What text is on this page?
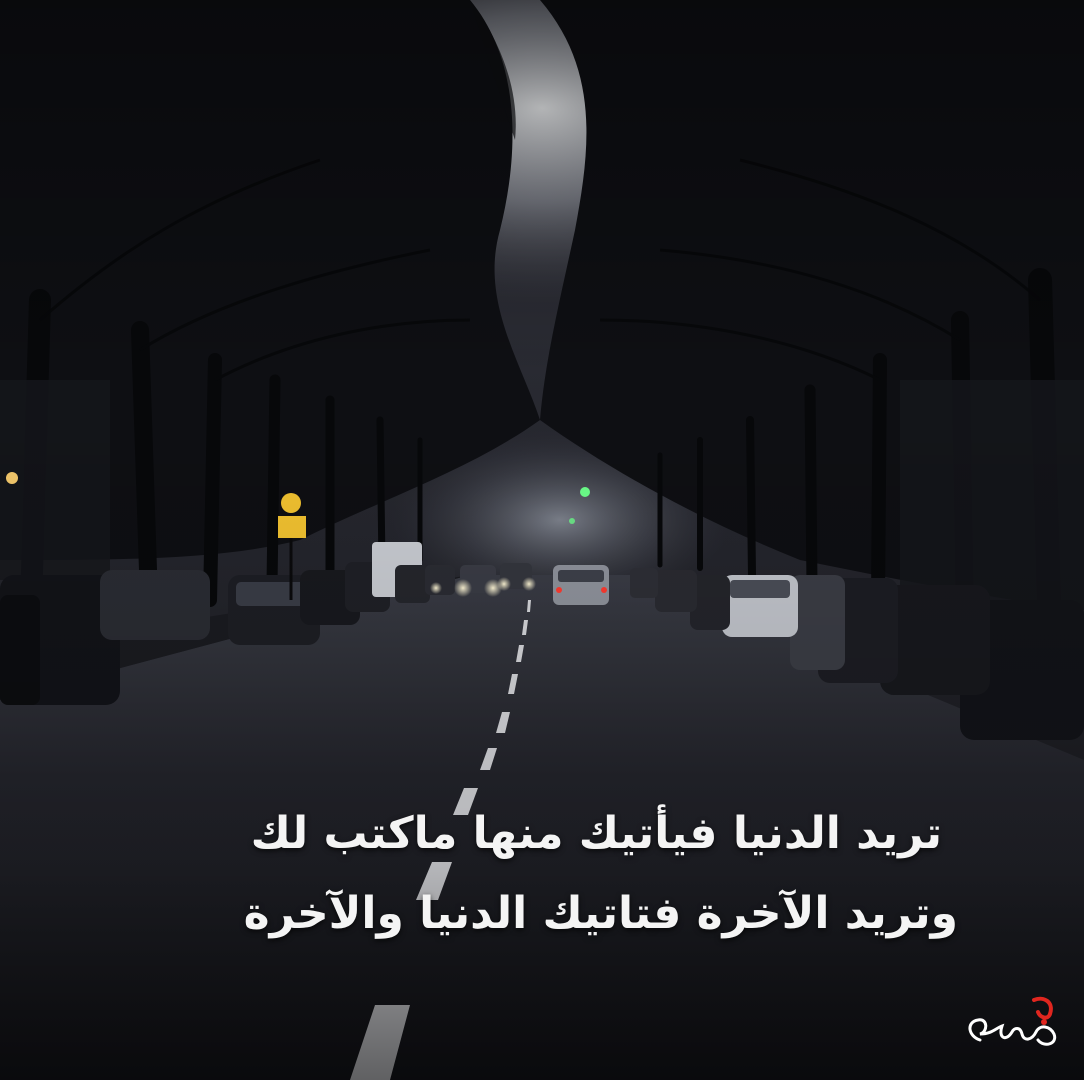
تريد الدنيا فيأتيك منها ماكتب لك
وتريد الآخرة فتاتيك الدنيا والآخرة
